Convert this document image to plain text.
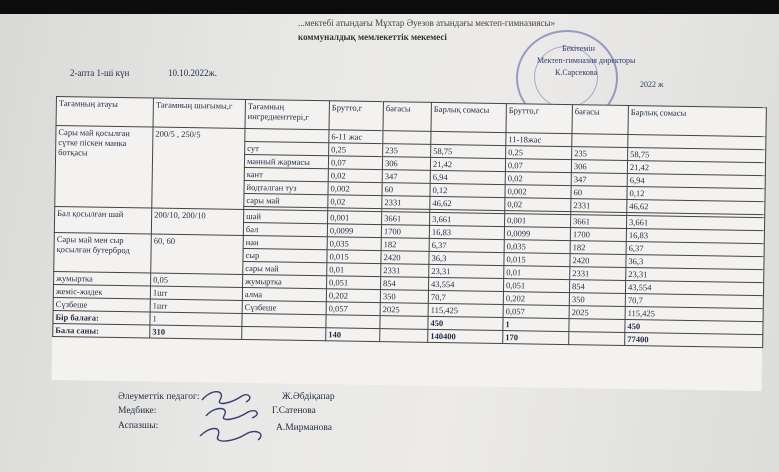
...мектебі атындағы Мұхтар Әуезов атындағы мектеп-гимназиясы»
коммуналдық мемлекеттік мекемесі
2-апта 1-ші күн	10.10.2022ж.
Бекітемін
Мектеп-гимназия директоры
К.Сарсекова
2022 ж
Тағамның атауы	Тағамның шығымы,г	Тағамның ингредиенттері,г	Брутто,г	бағасы	Барлық сомасы	Брутто,г	бағасы	Барлық сомасы
Сары май қосылған сүтке піскен манка ботқасы	200/5 , 250/5		6-11 жас			11-18жас		
		сут	0,25	235	58,75	0,25	235	58,75
		манный жармасы	0,07	306	21,42	0,07	306	21,42
		кант	0,02	347	6,94	0,02	347	6,94
		йодталган туз	0,002	60	0,12	0,002	60	0,12
		сары май	0,02	2331	46,62	0,02	2331	46,62

Бал қосылған шай	200/10, 200/10	шай	0,001	3661	3,661	0,001	3661	3,661
		бал	0,0099	1700	16,83	0,0099	1700	16,83
Сары май мен сыр қосылған бутерброд	60, 60	нан	0,035	182	6,37	0,035	182	6,37
		сыр	0,015	2420	36,3	0,015	2420	36,3
		сары май	0,01	2331	23,31	0,01	2331	23,31
жумыртка	0,05	жумыртка	0,051	854	43,554	0,051	854	43,554
жеміс-жидек	1шт	алма	0,202	350	70,7	0,202	350	70,7
Сүзбеше	1шт	Сүзбеше	0,057	2025	115,425	0,057	2025	115,425
Бір балаға:	1				450	1		450
Бала саны:	310		140		140400	170		77400
Әлеуметтік педагог:	Ж.Әбдіқапар
Медбике:	Г.Сатенова
Аспазшы:	А.Мирманова
